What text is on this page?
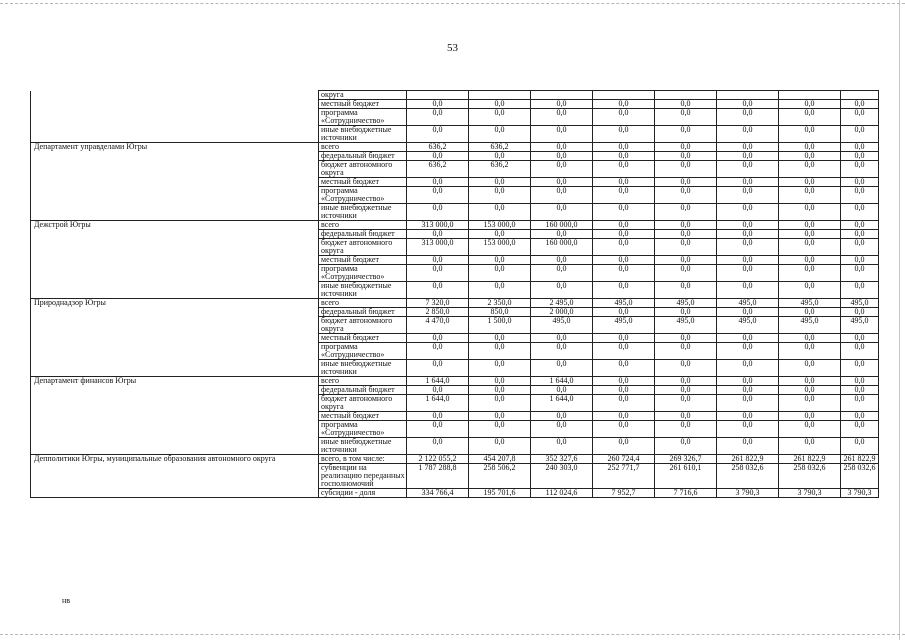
53
	округа								
	местный бюджет	0,0	0,0	0,0	0,0	0,0	0,0	0,0	0,0
	программа «Сотрудничество»	0,0	0,0	0,0	0,0	0,0	0,0	0,0	0,0
	иные внебюджетные источники	0,0	0,0	0,0	0,0	0,0	0,0	0,0	0,0
Департамент управделами Югры	всего	636,2	636,2	0,0	0,0	0,0	0,0	0,0	0,0
	федеральный бюджет	0,0	0,0	0,0	0,0	0,0	0,0	0,0	0,0
	бюджет автономного округа	636,2	636,2	0,0	0,0	0,0	0,0	0,0	0,0
	местный бюджет	0,0	0,0	0,0	0,0	0,0	0,0	0,0	0,0
	программа «Сотрудничество»	0,0	0,0	0,0	0,0	0,0	0,0	0,0	0,0
	иные внебюджетные источники	0,0	0,0	0,0	0,0	0,0	0,0	0,0	0,0
Дежстрой Югры	всего	313 000,0	153 000,0	160 000,0	0,0	0,0	0,0	0,0	0,0
	федеральный бюджет	0,0	0,0	0,0	0,0	0,0	0,0	0,0	0,0
	бюджет автономного округа	313 000,0	153 000,0	160 000,0	0,0	0,0	0,0	0,0	0,0
	местный бюджет	0,0	0,0	0,0	0,0	0,0	0,0	0,0	0,0
	программа «Сотрудничество»	0,0	0,0	0,0	0,0	0,0	0,0	0,0	0,0
	иные внебюджетные источники	0,0	0,0	0,0	0,0	0,0	0,0	0,0	0,0
Природнадзор Югры	всего	7 320,0	2 350,0	2 495,0	495,0	495,0	495,0	495,0	495,0
	федеральный бюджет	2 850,0	850,0	2 000,0	0,0	0,0	0,0	0,0	0,0
	бюджет автономного округа	4 470,0	1 500,0	495,0	495,0	495,0	495,0	495,0	495,0
	местный бюджет	0,0	0,0	0,0	0,0	0,0	0,0	0,0	0,0
	программа «Сотрудничество»	0,0	0,0	0,0	0,0	0,0	0,0	0,0	0,0
	иные внебюджетные источники	0,0	0,0	0,0	0,0	0,0	0,0	0,0	0,0
Департамент финансов Югры	всего	1 644,0	0,0	1 644,0	0,0	0,0	0,0	0,0	0,0
	федеральный бюджет	0,0	0,0	0,0	0,0	0,0	0,0	0,0	0,0
	бюджет автономного округа	1 644,0	0,0	1 644,0	0,0	0,0	0,0	0,0	0,0
	местный бюджет	0,0	0,0	0,0	0,0	0,0	0,0	0,0	0,0
	программа «Сотрудничество»	0,0	0,0	0,0	0,0	0,0	0,0	0,0	0,0
	иные внебюджетные источники	0,0	0,0	0,0	0,0	0,0	0,0	0,0	0,0
Депполитики Югры, муниципальные образования автономного округа	всего, в том числе:	2 122 055,2	454 207,8	352 327,6	260 724,4	269 326,7	261 822,9	261 822,9	261 822,9
	субвенции на реализацию переданных госполномочий	1 787 288,8	258 506,2	240 303,0	252 771,7	261 610,1	258 032,6	258 032,6	258 032,6
	субсидии - доля	334 766,4	195 701,6	112 024,6	7 952,7	7 716,6	3 790,3	3 790,3	3 790,3
нв
